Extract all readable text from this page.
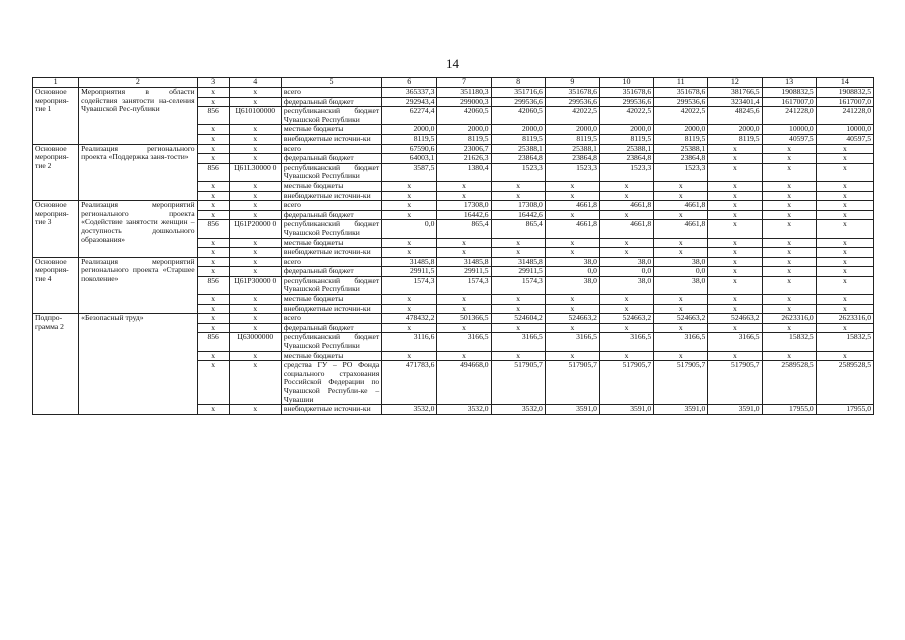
14
1	2	3	4	5	6	7	8	9	10	11	12	13	14
Основное мероприя-тие 1	Мероприятия в области содействия занятости на-селения Чувашской Рес-публики	x	x	всего	365337,3	351180,3	351716,6	351678,6	351678,6	351678,6	381766,5	1908832,5	1908832,5
		x	x	федеральный бюджет	292943,4	299000,3	299536,6	299536,6	299536,6	299536,6	323401,4	1617007,0	1617007,0
		856	Ц610100000	республиканский бюджет Чувашской Республики	62274,4	42060,5	42060,5	42022,5	42022,5	42022,5	48245,6	241228,0	241228,0
		x	x	местные бюджеты	2000,0	2000,0	2000,0	2000,0	2000,0	2000,0	2000,0	10000,0	10000,0
		x	x	внебюджетные источни-ки	8119,5	8119,5	8119,5	8119,5	8119,5	8119,5	8119,5	40597,5	40597,5
Основное мероприя-тие 2	Реализация регионального проекта «Поддержка заня-тости»	x	x	всего	67590,6	23006,7	25388,1	25388,1	25388,1	25388,1	x	x	x
		x	x	федеральный бюджет	64003,1	21626,3	23864,8	23864,8	23864,8	23864,8	x	x	x
		856	Ц61L30000 0	республиканский бюджет Чувашской Республики	3587,5	1380,4	1523,3	1523,3	1523,3	1523,3	x	x	x
		x	x	местные бюджеты	x	x	x	x	x	x	x	x	x
		x	x	внебюджетные источни-ки	x	x	x	x	x	x	x	x	x
Основное мероприя-тие 3	Реализация мероприятий регионального проекта «Содействие занятости женщин – доступность дошкольного образования»	x	x	всего	x	17308,0	17308,0	4661,8	4661,8	4661,8	x	x	x
		x	x	федеральный бюджет	x	16442,6	16442,6	x	x	x	x	x	x
		856	Ц61P20000 0	республиканский бюджет Чувашской Республики	0,0	865,4	865,4	4661,8	4661,8	4661,8	x	x	x
		x	x	местные бюджеты	x	x	x	x	x	x	x	x	x
		x	x	внебюджетные источни-ки	x	x	x	x	x	x	x	x	x
Основное мероприя-тие 4	Реализация мероприятий регионального проекта «Старшее поколение»	x	x	всего	31485,8	31485,8	31485,8	38,0	38,0	38,0	x	x	x
		x	x	федеральный бюджет	29911,5	29911,5	29911,5	0,0	0,0	0,0	x	x	x
		856	Ц61P30000 0	республиканский бюджет Чувашской Республики	1574,3	1574,3	1574,3	38,0	38,0	38,0	x	x	x
		x	x	местные бюджеты	x	x	x	x	x	x	x	x	x
		x	x	внебюджетные источни-ки	x	x	x	x	x	x	x	x	x
Подпро-грамма 2	«Безопасный труд»	x	x	всего	478432,2	501366,5	524604,2	524663,2	524663,2	524663,2	524663,2	2623316,0	2623316,0
		x	x	федеральный бюджет	x	x	x	x	x	x	x	x	x
		856	Ц63000000	республиканский бюджет Чувашской Республики	3116,6	3166,5	3166,5	3166,5	3166,5	3166,5	3166,5	15832,5	15832,5
		x	x	местные бюджеты	x	x	x	x	x	x	x	x	x
		x	x	средства ГУ – РО Фонда социального страхования Российской Федерации по Чувашской Республи-ке – Чувашии	471783,6	494668,0	517905,7	517905,7	517905,7	517905,7	517905,7	2589528,5	2589528,5
		x	x	внебюджетные источни-ки	3532,0	3532,0	3532,0	3591,0	3591,0	3591,0	3591,0	17955,0	17955,0
